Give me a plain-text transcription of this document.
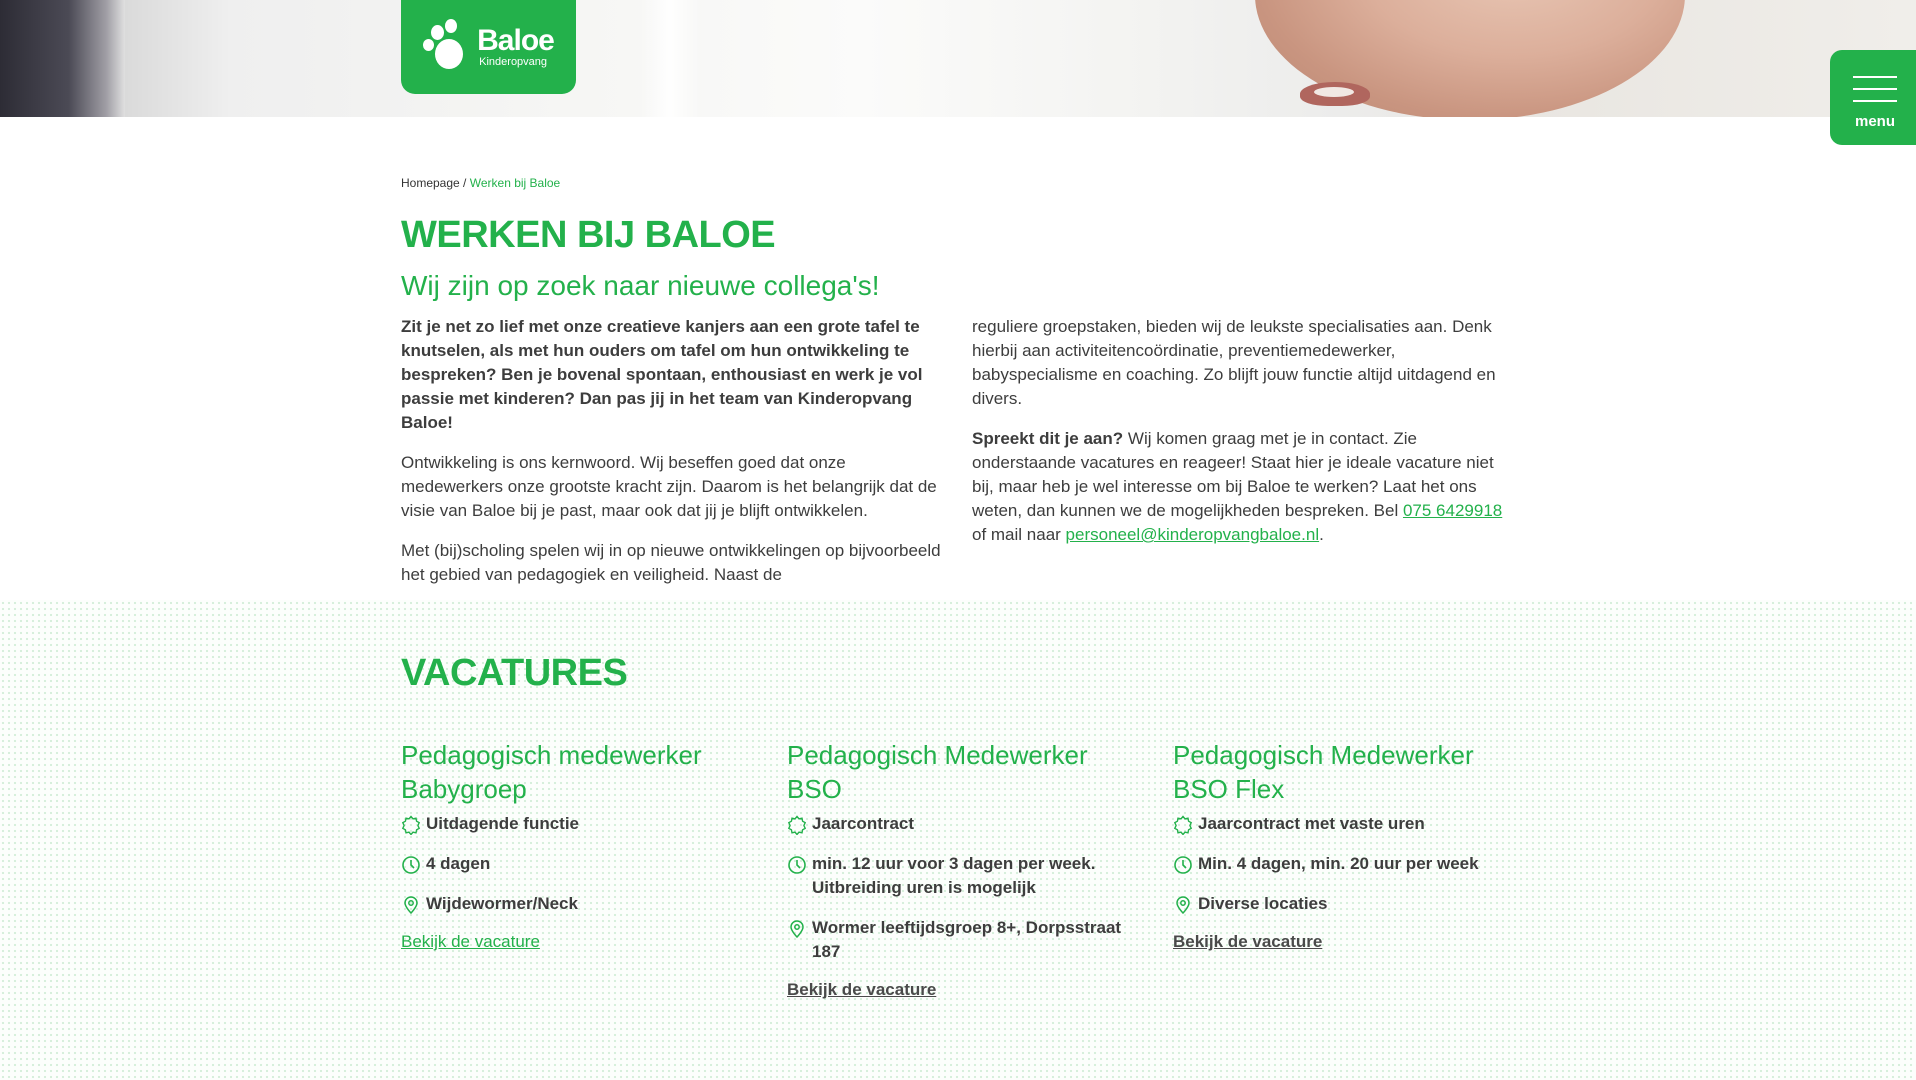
Baloe
Kinderopvang
menu
Homepage / Werken bij Baloe
WERKEN BIJ BALOE
Wij zijn op zoek naar nieuwe collega's!

Zit je net zo lief met onze creatieve kanjers aan een grote tafel te knutselen, als met hun ouders om tafel om hun ontwikkeling te bespreken? Ben je bovenal spontaan, enthousiast en werk je vol passie met kinderen? Dan pas jij in het team van Kinderopvang Baloe!

Ontwikkeling is ons kernwoord. Wij beseffen goed dat onze medewerkers onze grootste kracht zijn. Daarom is het belangrijk dat de visie van Baloe bij je past, maar ook dat jij je blijft ontwikkelen.

Met (bij)scholing spelen wij in op nieuwe ontwikkelingen op bijvoorbeeld het gebied van pedagogiek en veiligheid. Naast de

reguliere groepstaken, bieden wij de leukste specialisaties aan. Denk hierbij aan activiteitencoördinatie, preventiemedewerker, babyspecialisme en coaching. Zo blijft jouw functie altijd uitdagend en divers.

Spreekt dit je aan? Wij komen graag met je in contact. Zie onderstaande vacatures en reageer! Staat hier je ideale vacature niet bij, maar heb je wel interesse om bij Baloe te werken? Laat het ons weten, dan kunnen we de mogelijkheden bespreken. Bel 075 6429918 of mail naar personeel@kinderopvangbaloe.nl.

VACATURES
Pedagogisch medewerker Babygroep
Uitdagende functie
4 dagen
Wijdewormer/Neck
Bekijk de vacature
Pedagogisch Medewerker BSO
Jaarcontract
min. 12 uur voor 3 dagen per week. Uitbreiding uren is mogelijk
Wormer leeftijdsgroep 8+, Dorpsstraat 187
Bekijk de vacature
Pedagogisch Medewerker BSO Flex
Jaarcontract met vaste uren
Min. 4 dagen, min. 20 uur per week
Diverse locaties
Bekijk de vacature
